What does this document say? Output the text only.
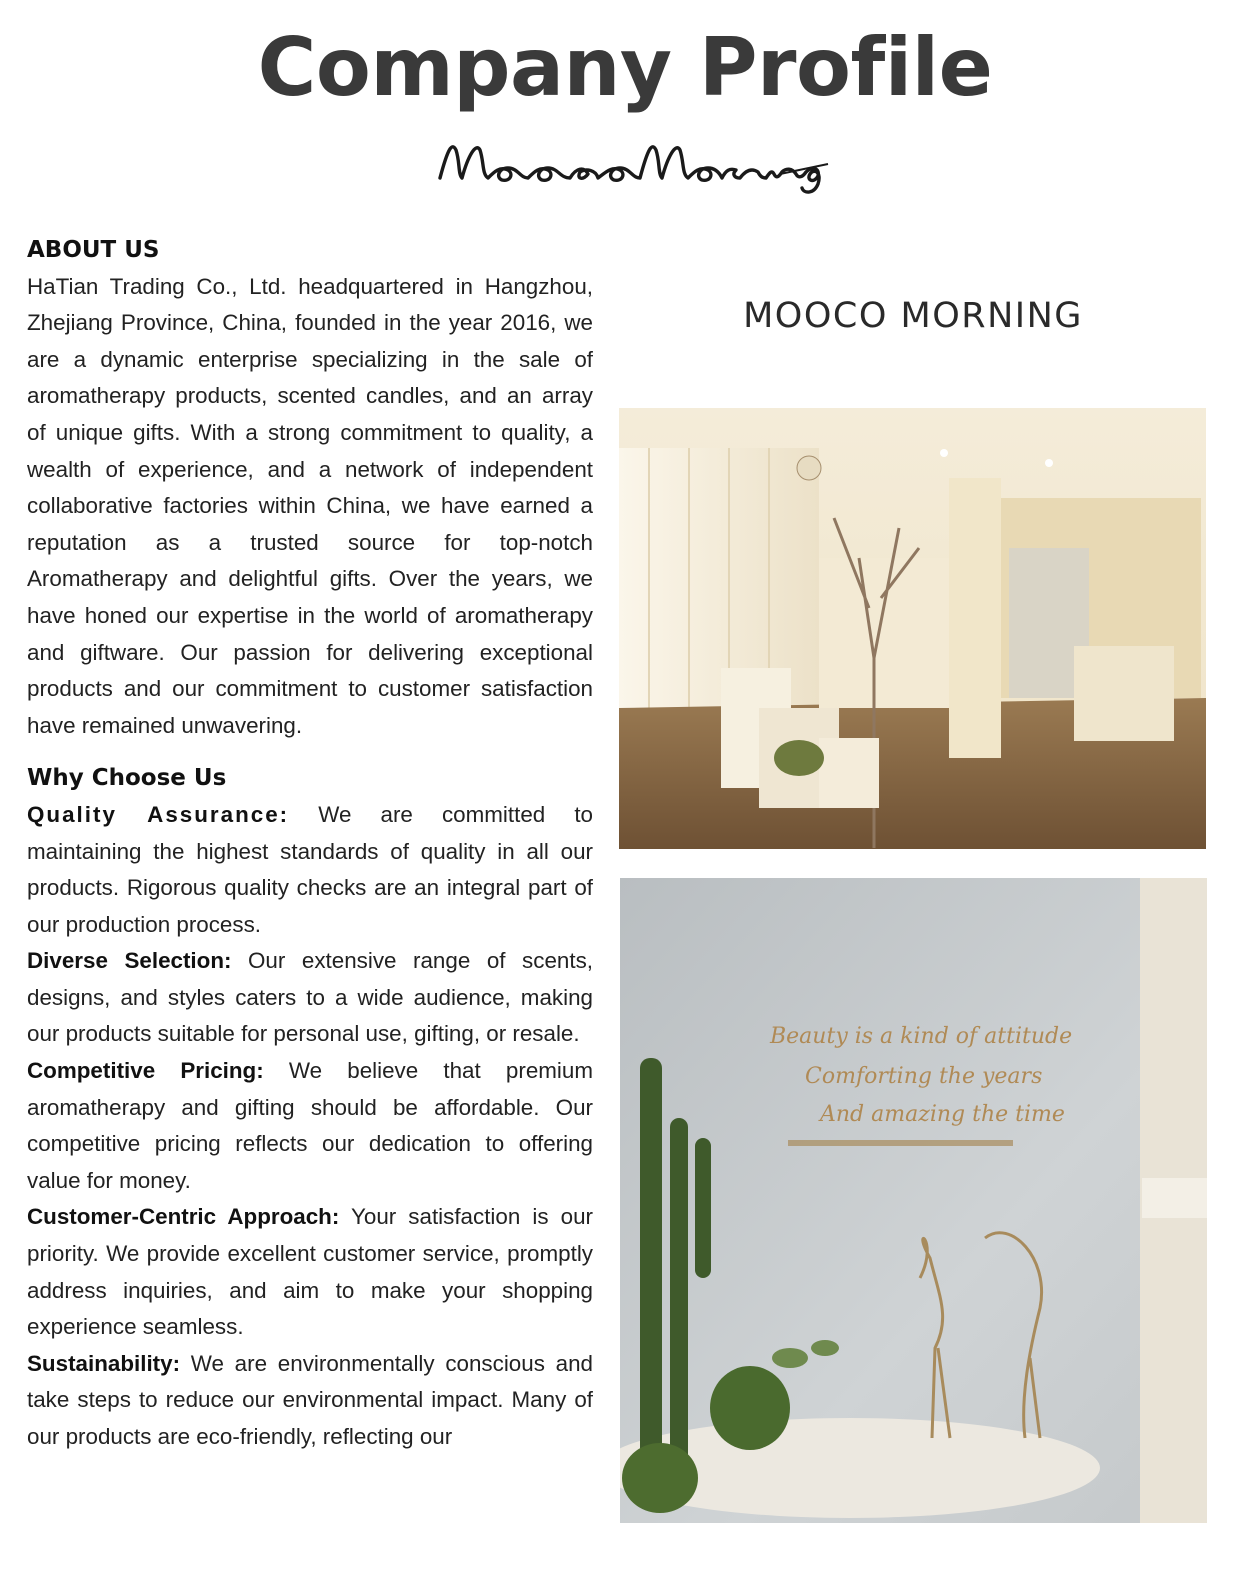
Company Profile
ABOUT US

HaTian Trading Co., Ltd. headquartered in Hangzhou, Zhejiang Province, China, founded in the year 2016, we are a dynamic enterprise specializing in the sale of aromatherapy products, scented candles, and an array of unique gifts. With a strong commitment to quality, a wealth of experience, and a network of independent collaborative factories within China, we have earned a reputation as a trusted source for top-notch Aromatherapy and delightful gifts. Over the years, we have honed our expertise in the world of aromatherapy and giftware. Our passion for delivering exceptional products and our commitment to customer satisfaction have remained unwavering.

Why Choose Us

Quality Assurance: We are committed to maintaining the highest standards of quality in all our products. Rigorous quality checks are an integral part of our production process.

Diverse Selection: Our extensive range of scents, designs, and styles caters to a wide audience, making our products suitable for personal use, gifting, or resale.

Competitive Pricing: We believe that premium aromatherapy and gifting should be affordable. Our competitive pricing reflects our dedication to offering value for money.

Customer-Centric Approach: Your satisfaction is our priority. We provide excellent customer service, promptly address inquiries, and aim to make your shopping experience seamless.

Sustainability: We are environmentally conscious and take steps to reduce our environmental impact. Many of our products are eco-friendly, reflecting our

MOOCO MORNING
Beauty is a kind of attitude
Comforting the years
And amazing the time
